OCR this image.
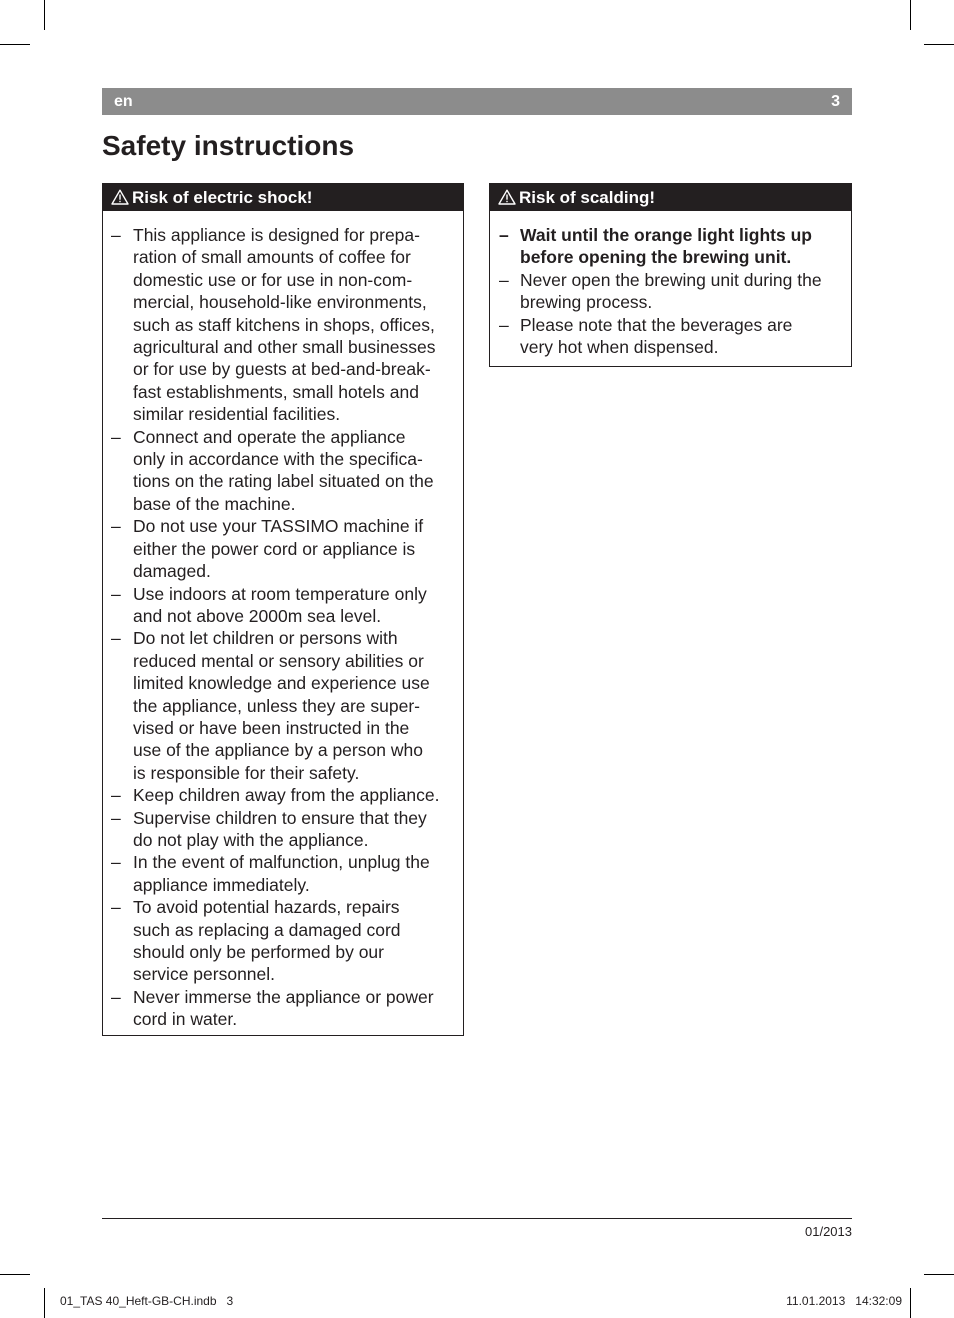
en	3
Safety instructions
Risk of electric shock!
– This appliance is designed for prepa-
ration of small amounts of coffee for
domestic use or for use in non-com-
mercial, household-like environments,
such as staff kitchens in shops, offices,
agricultural and other small businesses
or for use by guests at bed-and-break-
fast establishments, small hotels and
similar residential facilities.
– Connect and operate the appliance
only in accordance with the specifica-
tions on the rating label situated on the
base of the machine.
– Do not use your TASSIMO machine if
either the power cord or appliance is
damaged.
– Use indoors at room temperature only
and not above 2000m sea level.
– Do not let children or persons with
reduced mental or sensory abilities or
limited knowledge and experience use
the appliance, unless they are super-
vised or have been instructed in the
use of the appliance by a person who
is responsible for their safety.
– Keep children away from the appliance.
– Supervise children to ensure that they
do not play with the appliance.
– In the event of malfunction, unplug the
appliance immediately.
– To avoid potential hazards, repairs
such as replacing a damaged cord
should only be performed by our
service personnel.
– Never immerse the appliance or power
cord in water.
Risk of scalding!
– Wait until the orange light lights up
before opening the brewing unit.
– Never open the brewing unit during the
brewing process.
– Please note that the beverages are
very hot when dispensed.
01/2013
01_TAS 40_Heft-GB-CH.indb   3	11.01.2013   14:32:09
